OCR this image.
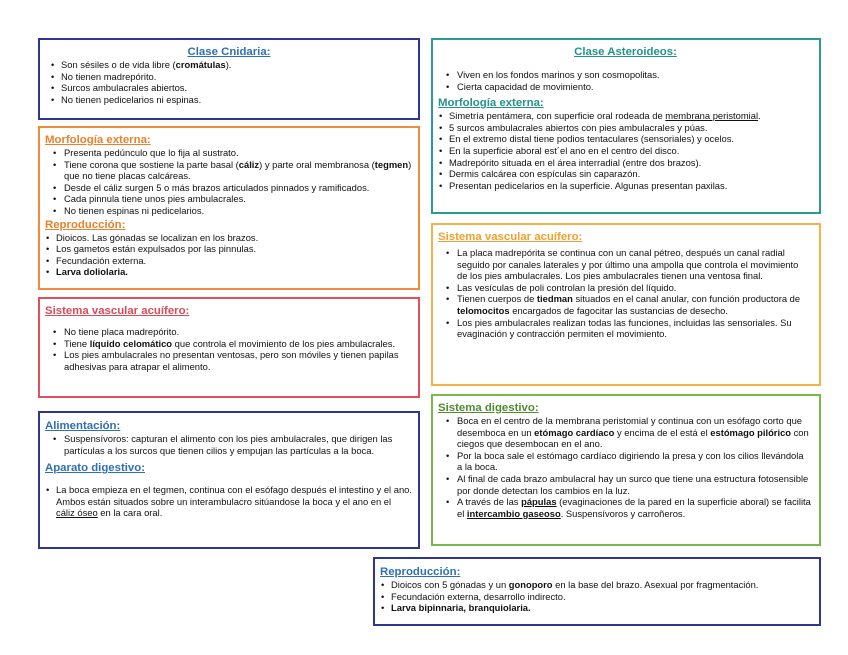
Clase Cnidaria:
• Son sésiles o de vida libre (cromátulas).
• No tienen madrepórito.
• Surcos ambulacrales abiertos.
• No tienen pedicelarios ni espinas.
Morfología externa:
• Presenta pedúnculo que lo fija al sustrato.
• Tiene corona que sostiene la parte basal (cáliz) y parte oral membranosa (tegmen) que no tiene placas calcáreas.
• Desde el cáliz surgen 5 o más brazos articulados pinnados y ramificados.
• Cada pinnula tiene unos pies ambulacrales.
• No tienen espinas ni pedicelarios.
Reproducción:
• Dioicos. Las gónadas se localizan en los brazos.
• Los gametos están expulsados por las pinnulas.
• Fecundación externa.
• Larva doliolaria.
Sistema vascular acuífero:
• No tiene placa madrepórito.
• Tiene líquido celomático que controla el movimiento de los pies ambulacrales.
• Los pies ambulacrales no presentan ventosas, pero son móviles y tienen papilas adhesivas para atrapar el alimento.
Alimentación:
• Suspensívoros: capturan el alimento con los pies ambulacrales, que dirigen las partículas a los surcos que tienen cilios y empujan las partículas a la boca.
Aparato digestivo:
• La boca empieza en el tegmen, continua con el esófago después el intestino y el ano. Ambos están situados sobre un interambulacro sitúandose la boca y el ano en el cáliz óseo en la cara oral.
Clase Asteroideos:
• Viven en los fondos marinos y son cosmopolitas.
• Cierta capacidad de movimiento.
Morfología externa:
• Simetría pentámera, con superficie oral rodeada de membrana peristomial.
• 5 surcos ambulacrales abiertos con pies ambulacrales y púas.
• En el extremo distal tiene podios tentaculares (sensoriales) y ocelos.
• En la superficie aboral est´el ano en el centro del disco.
• Madrepórito situada en el área interradial (entre dos brazos).
• Dermis calcárea con espículas sin caparazón.
• Presentan pedicelarios en la superficie. Algunas presentan paxilas.
Sistema vascular acuífero:
• La placa madrepórita se continua con un canal pétreo, después un canal radial seguido por canales laterales y por último una ampolla que controla el movimiento de los pies ambulacrales. Los pies ambulacrales tienen una ventosa final.
• Las vesículas de poli controlan la presión del líquido.
• Tienen cuerpos de tiedman situados en el canal anular, con función productora de telomocitos encargados de fagocitar las sustancias de desecho.
• Los pies ambulacrales realizan todas las funciones, incluidas las sensoriales. Su evaginación y contracción permiten el movimiento.
Sistema digestivo:
• Boca en el centro de la membrana peristomial y continua con un esófago corto que desemboca en un etómago cardíaco y encima de el está el estómago pilórico con ciegos que desembocan en el ano.
• Por la boca sale el estómago cardíaco digiriendo la presa y con los cilios llevándola a la boca.
• Al final de cada brazo ambulacral hay un surco que tiene una estructura fotosensible por donde detectan los cambios en la luz.
• A través de las pápulas (evaginaciones de la pared en la superficie aboral) se facilita el intercambio gaseoso. Suspensívoros y carroñeros.
Reproducción:
• Dioicos con 5 gónadas y un gonoporo en la base del brazo. Asexual por fragmentación.
• Fecundación externa, desarrollo indirecto.
• Larva bipinnaria, branquiolaria.
